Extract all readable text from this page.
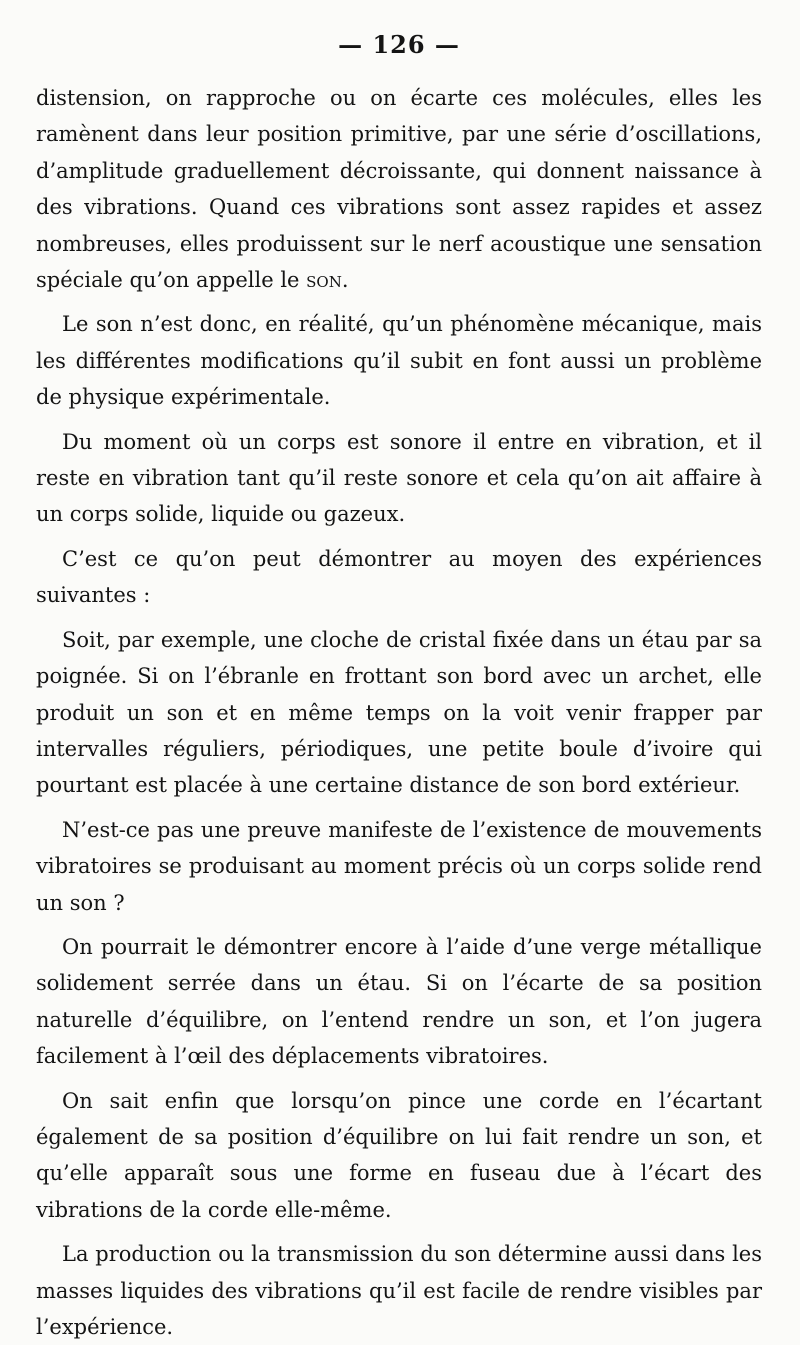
— 126 —

distension, on rapproche ou on écarte ces molécules, elles les ramènent dans leur position primitive, par une série d’oscillations, d’amplitude graduellement décroissante, qui donnent naissance à des vibrations. Quand ces vibrations sont assez rapides et assez nombreuses, elles produissent sur le nerf acoustique une sensation spéciale qu’on appelle le son.

Le son n’est donc, en réalité, qu’un phénomène mécanique, mais les différentes modifications qu’il subit en font aussi un problème de physique expérimentale.

Du moment où un corps est sonore il entre en vibration, et il reste en vibration tant qu’il reste sonore et cela qu’on ait affaire à un corps solide, liquide ou gazeux.

C’est ce qu’on peut démontrer au moyen des expériences suivantes :

Soit, par exemple, une cloche de cristal fixée dans un étau par sa poignée. Si on l’ébranle en frottant son bord avec un archet, elle produit un son et en même temps on la voit venir frapper par intervalles réguliers, périodiques, une petite boule d’ivoire qui pourtant est placée à une certaine distance de son bord extérieur.

N’est-ce pas une preuve manifeste de l’existence de mouvements vibratoires se produisant au moment précis où un corps solide rend un son ?

On pourrait le démontrer encore à l’aide d’une verge métallique solidement serrée dans un étau. Si on l’écarte de sa position naturelle d’équilibre, on l’entend rendre un son, et l’on jugera facilement à l’œil des déplacements vibratoires.

On sait enfin que lorsqu’on pince une corde en l’écartant également de sa position d’équilibre on lui fait rendre un son, et qu’elle apparaît sous une forme en fuseau due à l’écart des vibrations de la corde elle-même.

La production ou la transmission du son détermine aussi dans les masses liquides des vibrations qu’il est facile de rendre visibles par l’expérience.
